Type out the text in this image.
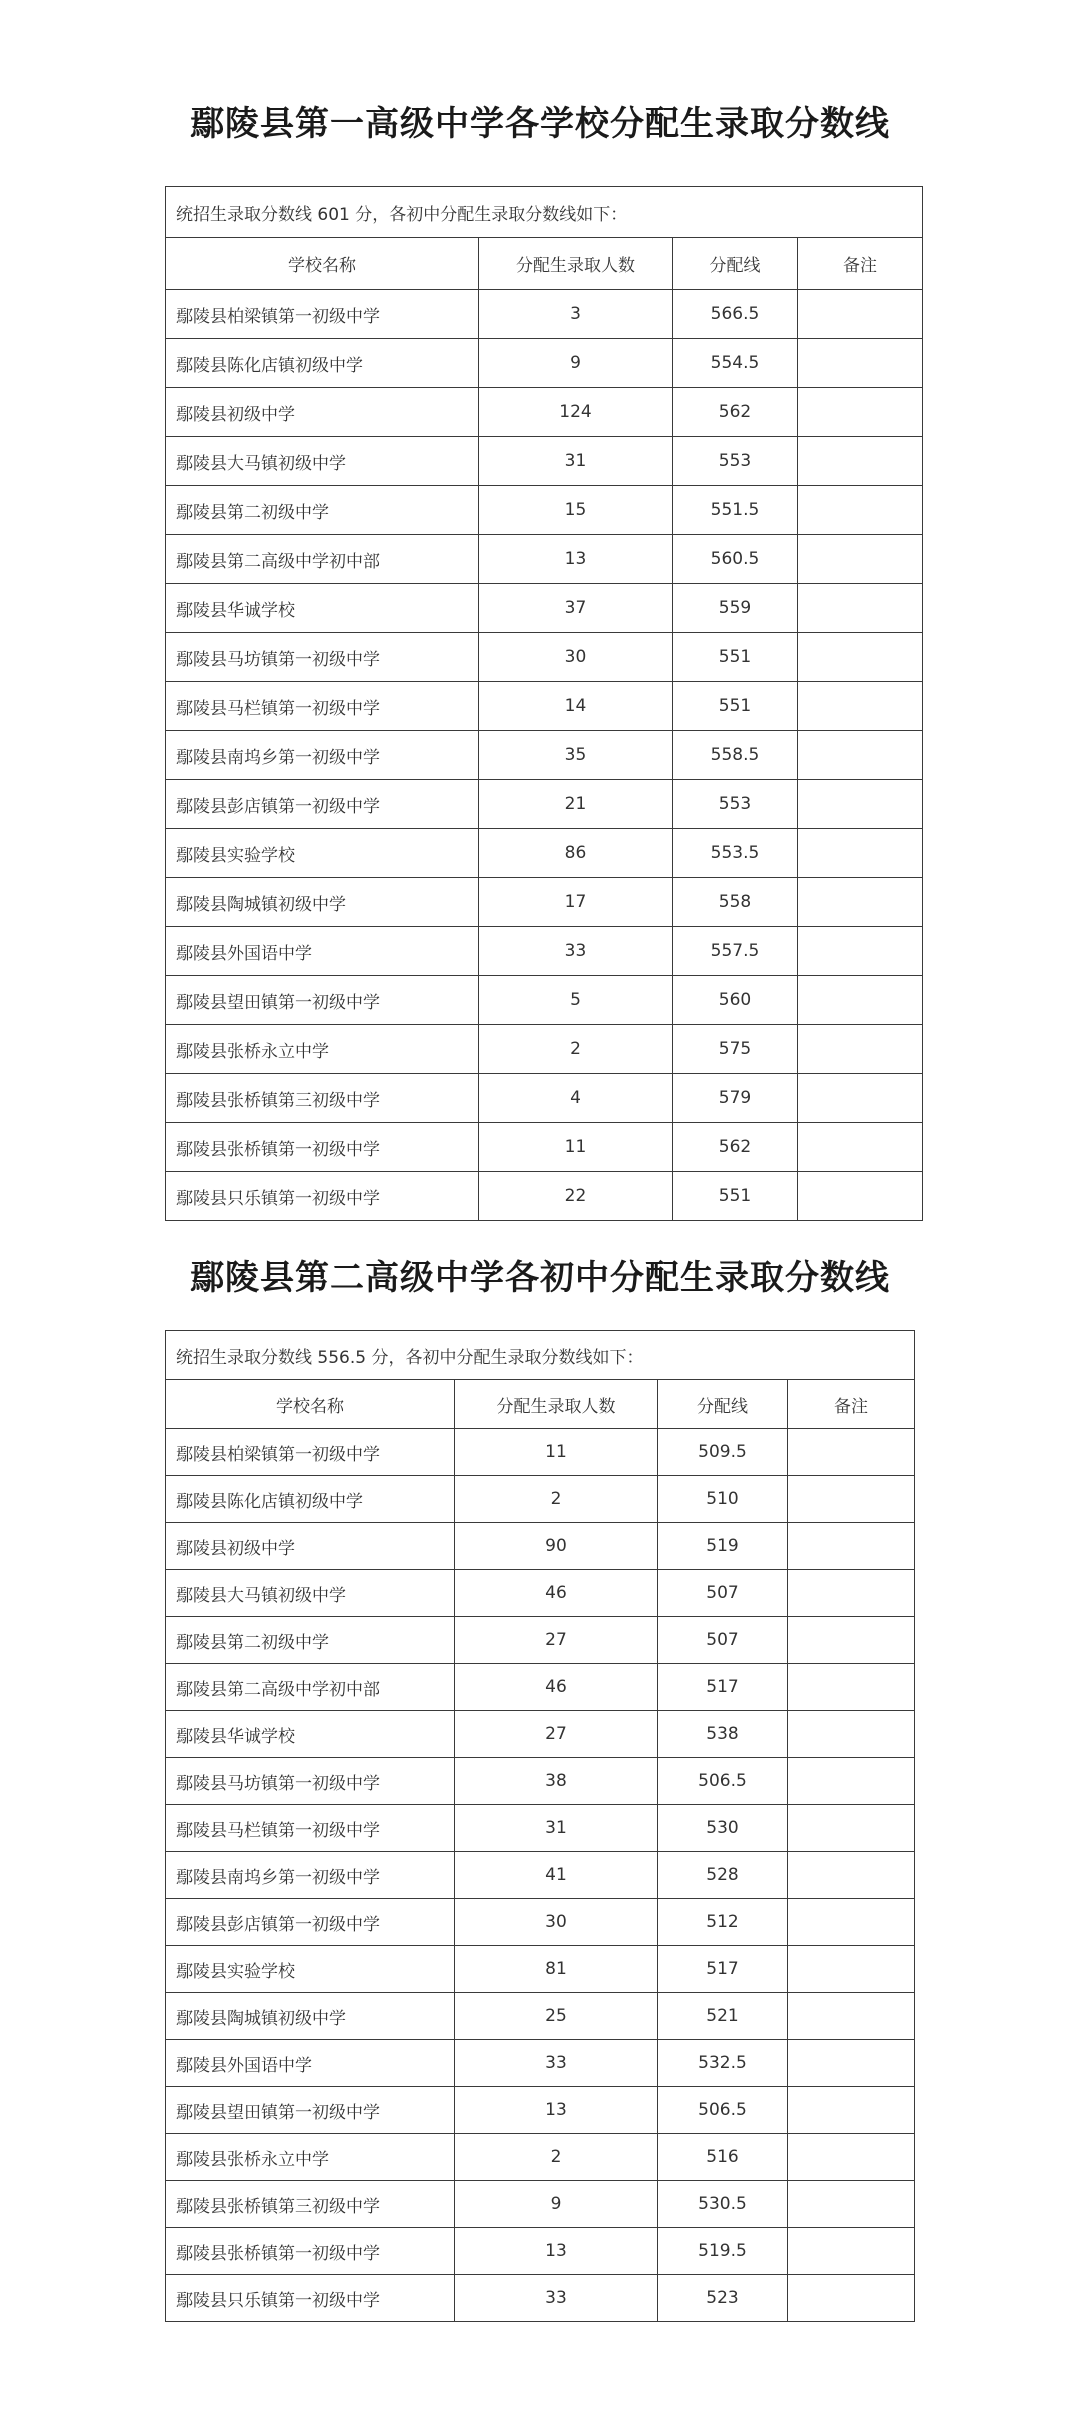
鄢陵县第一高级中学各学校分配生录取分数线
统招生录取分数线 601 分，各初中分配生录取分数线如下：			
学校名称	分配生录取人数	分配线	备注
鄢陵县柏梁镇第一初级中学	3	566.5	
鄢陵县陈化店镇初级中学	9	554.5	
鄢陵县初级中学	124	562	
鄢陵县大马镇初级中学	31	553	
鄢陵县第二初级中学	15	551.5	
鄢陵县第二高级中学初中部	13	560.5	
鄢陵县华诚学校	37	559	
鄢陵县马坊镇第一初级中学	30	551	
鄢陵县马栏镇第一初级中学	14	551	
鄢陵县南坞乡第一初级中学	35	558.5	
鄢陵县彭店镇第一初级中学	21	553	
鄢陵县实验学校	86	553.5	
鄢陵县陶城镇初级中学	17	558	
鄢陵县外国语中学	33	557.5	
鄢陵县望田镇第一初级中学	5	560	
鄢陵县张桥永立中学	2	575	
鄢陵县张桥镇第三初级中学	4	579	
鄢陵县张桥镇第一初级中学	11	562	
鄢陵县只乐镇第一初级中学	22	551	
鄢陵县第二高级中学各初中分配生录取分数线
统招生录取分数线 556.5 分，各初中分配生录取分数线如下：			
学校名称	分配生录取人数	分配线	备注
鄢陵县柏梁镇第一初级中学	11	509.5	
鄢陵县陈化店镇初级中学	2	510	
鄢陵县初级中学	90	519	
鄢陵县大马镇初级中学	46	507	
鄢陵县第二初级中学	27	507	
鄢陵县第二高级中学初中部	46	517	
鄢陵县华诚学校	27	538	
鄢陵县马坊镇第一初级中学	38	506.5	
鄢陵县马栏镇第一初级中学	31	530	
鄢陵县南坞乡第一初级中学	41	528	
鄢陵县彭店镇第一初级中学	30	512	
鄢陵县实验学校	81	517	
鄢陵县陶城镇初级中学	25	521	
鄢陵县外国语中学	33	532.5	
鄢陵县望田镇第一初级中学	13	506.5	
鄢陵县张桥永立中学	2	516	
鄢陵县张桥镇第三初级中学	9	530.5	
鄢陵县张桥镇第一初级中学	13	519.5	
鄢陵县只乐镇第一初级中学	33	523	
